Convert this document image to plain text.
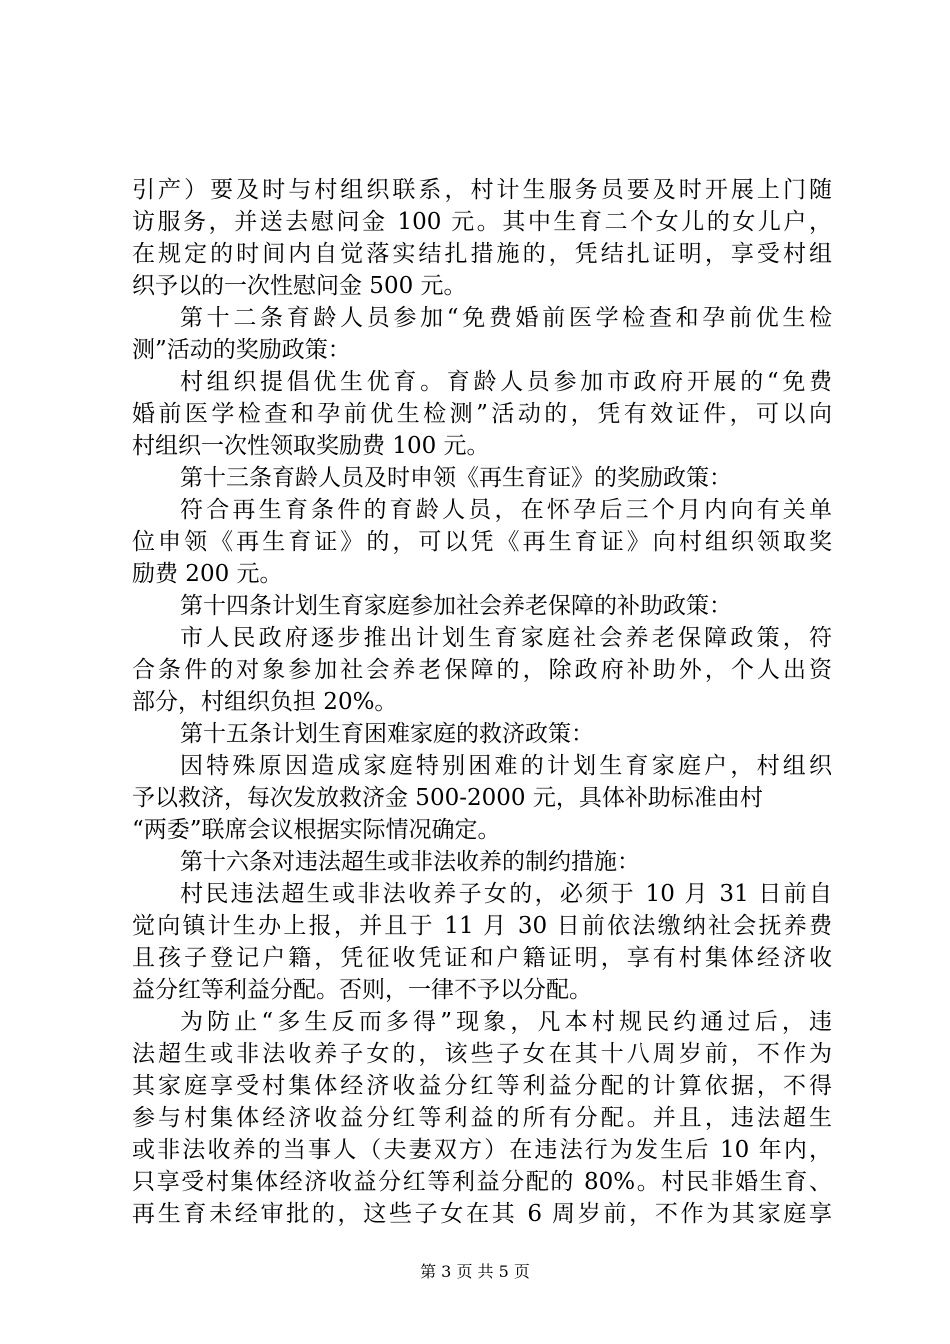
引产）要及时与村组织联系，村计生服务员要及时开展上门随
访服务，并送去慰问金 100 元。其中生育二个女儿的女儿户，
在规定的时间内自觉落实结扎措施的，凭结扎证明，享受村组
织予以的一次性慰问金 500 元。
第十二条育龄人员参加“免费婚前医学检查和孕前优生检
测”活动的奖励政策：
村组织提倡优生优育。育龄人员参加市政府开展的“免费
婚前医学检查和孕前优生检测”活动的，凭有效证件，可以向
村组织一次性领取奖励费 100 元。
第十三条育龄人员及时申领《再生育证》的奖励政策：
符合再生育条件的育龄人员，在怀孕后三个月内向有关单
位申领《再生育证》的，可以凭《再生育证》向村组织领取奖
励费 200 元。
第十四条计划生育家庭参加社会养老保障的补助政策：
市人民政府逐步推出计划生育家庭社会养老保障政策，符
合条件的对象参加社会养老保障的，除政府补助外，个人出资
部分，村组织负担 20%。
第十五条计划生育困难家庭的救济政策：
因特殊原因造成家庭特别困难的计划生育家庭户，村组织
予以救济，每次发放救济金 500-2000 元，具体补助标准由村
“两委”联席会议根据实际情况确定。
第十六条对违法超生或非法收养的制约措施：
村民违法超生或非法收养子女的，必须于 10 月 31 日前自
觉向镇计生办上报，并且于 11 月 30 日前依法缴纳社会抚养费
且孩子登记户籍，凭征收凭证和户籍证明，享有村集体经济收
益分红等利益分配。否则，一律不予以分配。
为防止“多生反而多得”现象，凡本村规民约通过后，违
法超生或非法收养子女的，该些子女在其十八周岁前，不作为
其家庭享受村集体经济收益分红等利益分配的计算依据，不得
参与村集体经济收益分红等利益的所有分配。并且，违法超生
或非法收养的当事人（夫妻双方）在违法行为发生后 10 年内，
只享受村集体经济收益分红等利益分配的 80%。村民非婚生育、
再生育未经审批的，这些子女在其 6 周岁前，不作为其家庭享
第 3 页 共 5 页
